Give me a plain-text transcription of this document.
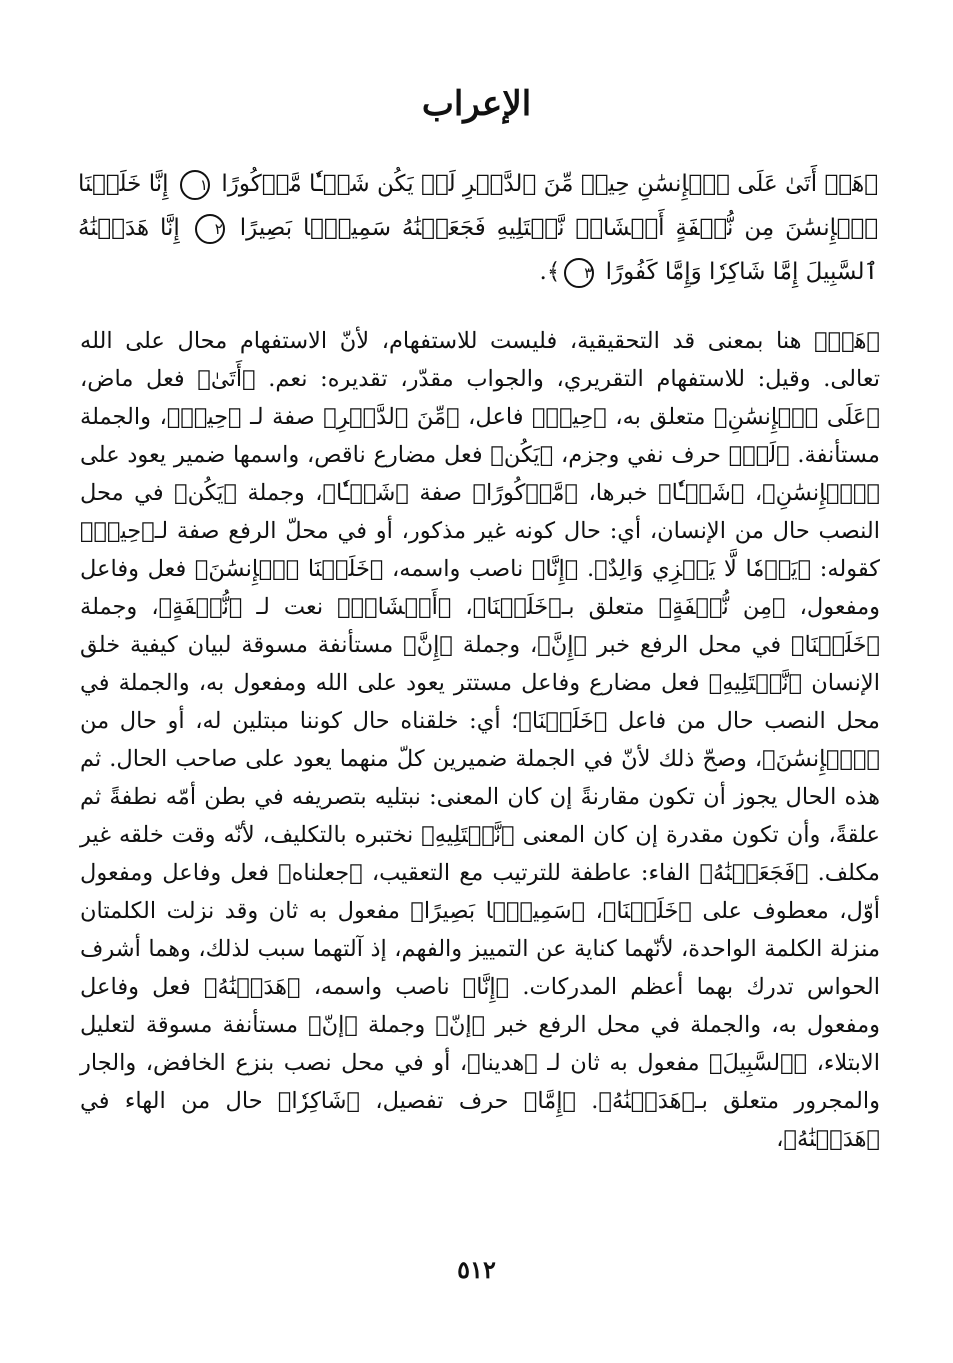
الإعراب
﴿هَلۡ أَتَىٰ عَلَى ٱلۡإِنسَٰنِ حِينٞ مِّنَ ٱلدَّهۡرِ لَمۡ يَكُن شَيۡـٔٗا مَّذۡكُورًا ١ إِنَّا خَلَقۡنَا ٱلۡإِنسَٰنَ مِن نُّطۡفَةٍ أَمۡشَاجٖ نَّبۡتَلِيهِ فَجَعَلۡنَٰهُ سَمِيعَۢا بَصِيرًا ٢ إِنَّا هَدَيۡنَٰهُ ٱلسَّبِيلَ إِمَّا شَاكِرٗا وَإِمَّا كَفُورًا ٣﴾.
﴿هَلۡ﴾ هنا بمعنى قد التحقيقية، فليست للاستفهام، لأنّ الاستفهام محال على الله تعالى. وقيل: للاستفهام التقريري، والجواب مقدّر، تقديره: نعم. ﴿أَتَىٰ﴾ فعل ماض، ﴿عَلَى ٱلۡإِنسَٰنِ﴾ متعلق به، ﴿حِينٞ﴾ فاعل، ﴿مِّنَ ٱلدَّهۡرِ﴾ صفة لـ ﴿حِينٞ﴾، والجملة مستأنفة. ﴿لَمۡ﴾ حرف نفي وجزم، ﴿يَكُن﴾ فعل مضارع ناقص، واسمها ضمير يعود على ﴿ٱلۡإِنسَٰنِ﴾، ﴿شَيۡـٔٗا﴾ خبرها، ﴿مَّذۡكُورًا﴾ صفة ﴿شَيۡـٔٗا﴾، وجملة ﴿يَكُن﴾ في محل النصب حال من الإنسان، أي: حال كونه غير مذكور، أو في محلّ الرفع صفة لـ﴿حِينٞ﴾ كقوله: ﴿يَوۡمٗا لَّا يَجۡزِي وَالِدٌ﴾. ﴿إِنَّا﴾ ناصب واسمه، ﴿خَلَقۡنَا ٱلۡإِنسَٰنَ﴾ فعل وفاعل ومفعول، ﴿مِن نُّطۡفَةٍ﴾ متعلق بـ﴿خَلَقۡنَا﴾، ﴿أَمۡشَاجٖ﴾ نعت لـ ﴿نُّطۡفَةٍ﴾، وجملة ﴿خَلَقۡنَا﴾ في محل الرفع خبر ﴿إِنَّ﴾، وجملة ﴿إِنَّ﴾ مستأنفة مسوقة لبيان كيفية خلق الإنسان ﴿نَّبۡتَلِيهِ﴾ فعل مضارع وفاعل مستتر يعود على الله ومفعول به، والجملة في محل النصب حال من فاعل ﴿خَلَقۡنَا﴾؛ أي: خلقناه حال كوننا مبتلين له، أو حال من ﴿ٱلۡإِنسَٰنَ﴾، وصحّ ذلك لأنّ في الجملة ضميرين كلّ منهما يعود على صاحب الحال. ثم هذه الحال يجوز أن تكون مقارنةً إن كان المعنى: نبتليه بتصريفه في بطن أمّه نطفةً ثم علقةً، وأن تكون مقدرة إن كان المعنى ﴿نَّبۡتَلِيهِ﴾ نختبره بالتكليف، لأنّه وقت خلقه غير مكلف. ﴿فَجَعَلۡنَٰهُ﴾ الفاء: عاطفة للترتيب مع التعقيب، ﴿جعلناه﴾ فعل وفاعل ومفعول أوّل، معطوف على ﴿خَلَقۡنَا﴾، ﴿سَمِيعَۢا بَصِيرًا﴾ مفعول به ثان وقد نزلت الكلمتان منزلة الكلمة الواحدة، لأنّهما كناية عن التمييز والفهم، إذ آلتهما سبب لذلك، وهما أشرف الحواس تدرك بهما أعظم المدركات. ﴿إِنَّا﴾ ناصب واسمه، ﴿هَدَيۡنَٰهُ﴾ فعل وفاعل ومفعول به، والجملة في محل الرفع خبر ﴿إنّ﴾ وجملة ﴿إنّ﴾ مستأنفة مسوقة لتعليل الابتلاء، ﴿ٱلسَّبِيلَ﴾ مفعول به ثان لـ ﴿هدينا﴾، أو في محل نصب بنزع الخافض، والجار والمجرور متعلق بـ﴿هَدَيۡنَٰهُ﴾. ﴿إِمَّا﴾ حرف تفصيل، ﴿شَاكِرٗا﴾ حال من الهاء في ﴿هَدَيۡنَٰهُ﴾،
٥١٢
